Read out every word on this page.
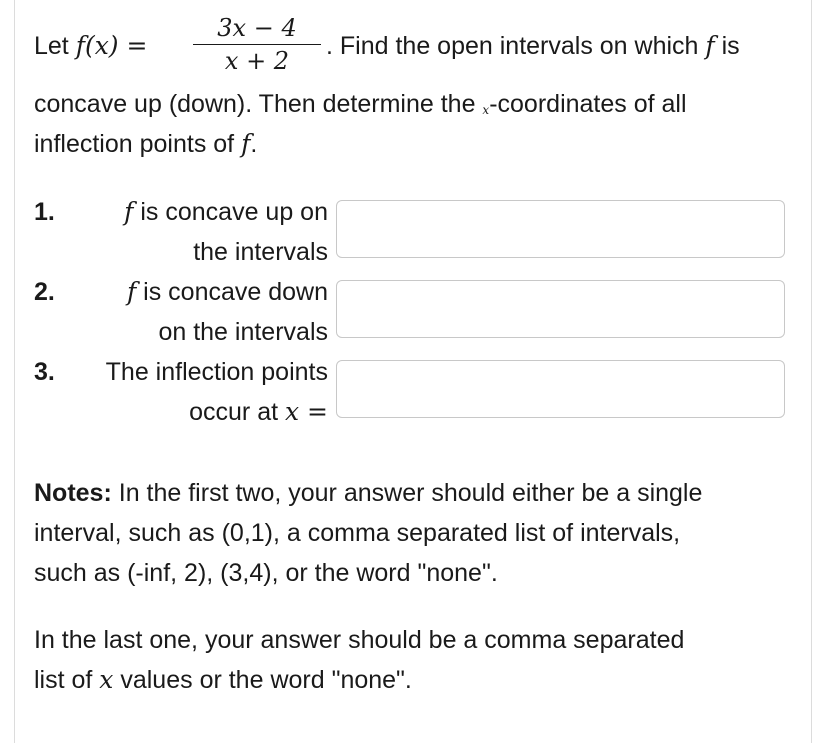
Let f(x) =
3x − 4
x + 2
. Find the open intervals on which f is
concave up (down). Then determine the x-coordinates of all
inflection points of f.
1.	f is concave up on
the intervals
2.	f is concave down
on the intervals
3. The inflection points
occur at x =
Notes: In the first two, your answer should either be a single
interval, such as (0,1), a comma separated list of intervals,
such as (-inf, 2), (3,4), or the word "none".
In the last one, your answer should be a comma separated
list of x values or the word "none".
